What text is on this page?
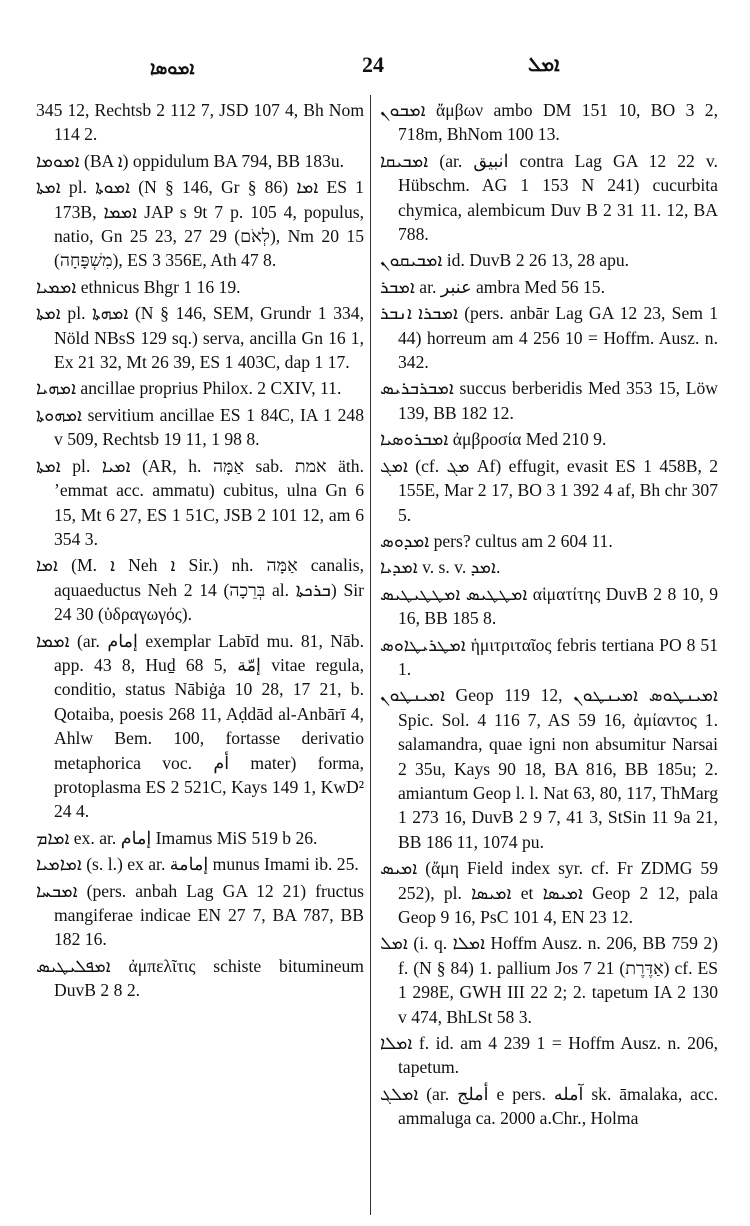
ܐܡܘܣܐ	24	ܐܡܠ

345 12, Rechtsb 2 112 7, JSD 107 4, Bh Nom 114 2.

ܐܡܘܡܐ (BA ܐ) oppidulum BA 794, BB 183u.

ܐܡܬܐ pl. ܐܡܘܬܐ (N § 146, Gr § 86) ܐܡܐ ES 1 173B, ܐܡܡܐ JAP s 9t 7 p. 105 4, populus, natio, Gn 25 23, 27 29 (לְאֹם), Nm 20 15 (מִשְׁפָּחָה), ES 3 356E, Ath 47 8.

ܐܡܡܝܐ ethnicus Bhgr 1 16 19.

ܐܡܬܐ pl. ܐܡܗܬܐ (N § 146, SEM, Grundr 1 334, Nöld NBsS 129 sq.) serva, ancilla Gn 16 1, Ex 21 32, Mt 26 39, ES 1 403C, dap 1 17.

ܐܡܗܝܐ ancillae proprius Philox. 2 CXIV, 11.

ܐܡܗܘܬܐ servitium ancillae ES 1 84C, IA 1 248 v 509, Rechtsb 19 11, 1 98 8.

ܐܡܬܐ pl. ܐܡܝܐ (AR, h. אַמָּה sab. אמת äth. ’emmat acc. ammatu) cubitus, ulna Gn 6 15, Mt 6 27, ES 1 51C, JSB 2 101 12, am 6 354 3.

ܐܡܐ (M. ܐ Neh ܐ Sir.) nh. אַמָּה canalis, aquaeductus Neh 2 14 (בְּרֵכָה al. ܒܪܟܬܐ) Sir 24 30 (ὑδραγωγός).

ܐܡܡܐ (ar. إمام exemplar Labīd mu. 81, Nāb. app. 43 8, Huḏ 68 5, إمّة vitae regula, conditio, status Nābiġa 10 28, 17 21, b. Qotaiba, poesis 268 11, Aḍdād al-Anbārī 4, Ahlw Bem. 100, fortasse derivatio metaphorica voc. أم mater) forma, protoplasma ES 2 521C, Kays 149 1, KwD² 24 4.

ܐܡܐܡ ex. ar. إمام Imamus MiS 519 b 26.

ܐܡܐܡܝܐ (s. l.) ex ar. إمامة munus Imami ib. 25.

ܐܡܒܚܐ (pers. anbah Lag GA 12 21) fructus mangiferae indicae EN 27 7, BA 787, BB 182 16.

ܐܡܦܠܝܛܝܣ ἀμπελῖτις schiste bituminеum DuvB 2 8 2.

ܐܡܒܘܢ ἄμβων ambo DM 151 10, BO 3 2, 718m, BhNom 100 13.

ܐܡܒܝܩܐ (ar. انبيق contra Lag GA 12 22 v. Hübschm. AG 1 153 N 241) cucurbita chymica, alembicum Duv B 2 31 11. 12, BA 788.

ܐܡܒܝܩܘܢ id. DuvB 2 26 13, 28 apu.

ܐܡܒܪ ar. عنبر ambra Med 56 15.

ܐܡܒܪܐ ܐܢܒܪ (pers. anbār Lag GA 12 23, Sem 1 44) horreum am 4 256 10 = Hoffm. Ausz. n. 342.

ܐܡܒܪܒܪܝܣ succus berberidis Med 353 15, Löw 139, BB 182 12.

ܐܡܒܪܘܣܝܐ ἀμβροσία Med 210 9.

ܐܡܓ (cf. ܡܓ Af) effugit, evasit ES 1 458B, 2 155E, Mar 2 17, BO 3 1 392 4 af, Bh chr 307 5.

ܐܡܕܘܣ pers? cultus am 2 604 11.

ܐܡܕܝܐ v. s. v. ܐܡܕ.

ܐܡܛܛܝܣ ܐܡܛܛܝܛܝܣ αἱματίτης DuvB 2 8 10, 9 16, BB 185 8.

ܐܡܛܪܝܛܐܘܣ ἡμιτριταῖος febris tertiana PO 8 51 1.

ܐܡܝܢܛܘܢ Geop 119 12, ܐܡܝܢܛܘܣ ܐܡܝܢܛܘܢ Spic. Sol. 4 116 7, AS 59 16, ἀμίαντος 1. salamandra, quae igni non absumitur Narsai 2 35u, Kays 90 18, BA 816, BB 185u; 2. amiantum Geop l. l. Nat 63, 80, 117, ThMarg 1 273 16, DuvB 2 9 7, 41 3, StSin 11 9a 21, BB 186 11, 1074 pu.

ܐܡܝܣ (ἄμη Field index syr. cf. Fr ZDMG 59 252), pl. ܐܡܝܣܐ et ܐܡܝܣܐ Geop 2 12, pala Geop 9 16, PsC 101 4, EN 23 12.

ܐܡܠ (i. q. ܐܡܠܐ Hoffm Ausz. n. 206, BB 759 2) f. (N § 84) 1. pallium Jos 7 21 (אַדֶּרֶת) cf. ES 1 298E, GWH III 22 2; 2. tapetum IA 2 130 v 474, BhLSt 58 3.

ܐܡܠܐ f. id. am 4 239 1 = Hoffm Ausz. n. 206, tapetum.

ܐܡܠܓ (ar. أملج e pers. آمله sk. āmalaka, acc. ammaluga ca. 2000 a.Chr., Holma
